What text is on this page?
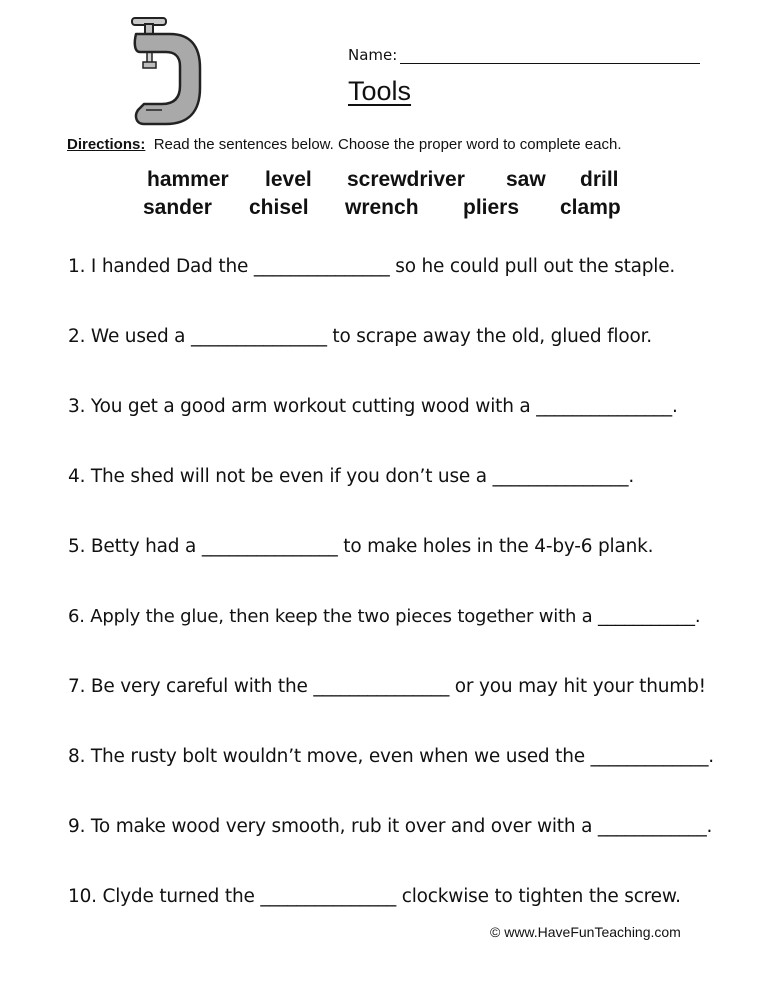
Name:
Tools
Directions: Read the sentences below. Choose the proper word to complete each.
hammer level screwdriver saw drill
sander chisel wrench pliers clamp
1. I handed Dad the _______________ so he could pull out the staple.
2. We used a _______________ to scrape away the old, glued floor.
3. You get a good arm workout cutting wood with a _______________.
4. The shed will not be even if you don’t use a _______________.
5. Betty had a _______________ to make holes in the 4-by-6 plank.
6. Apply the glue, then keep the two pieces together with a ___________.
7. Be very careful with the _______________ or you may hit your thumb!
8. The rusty bolt wouldn’t move, even when we used the _____________.
9. To make wood very smooth, rub it over and over with a ____________.
10. Clyde turned the _______________ clockwise to tighten the screw.
© www.HaveFunTeaching.com
